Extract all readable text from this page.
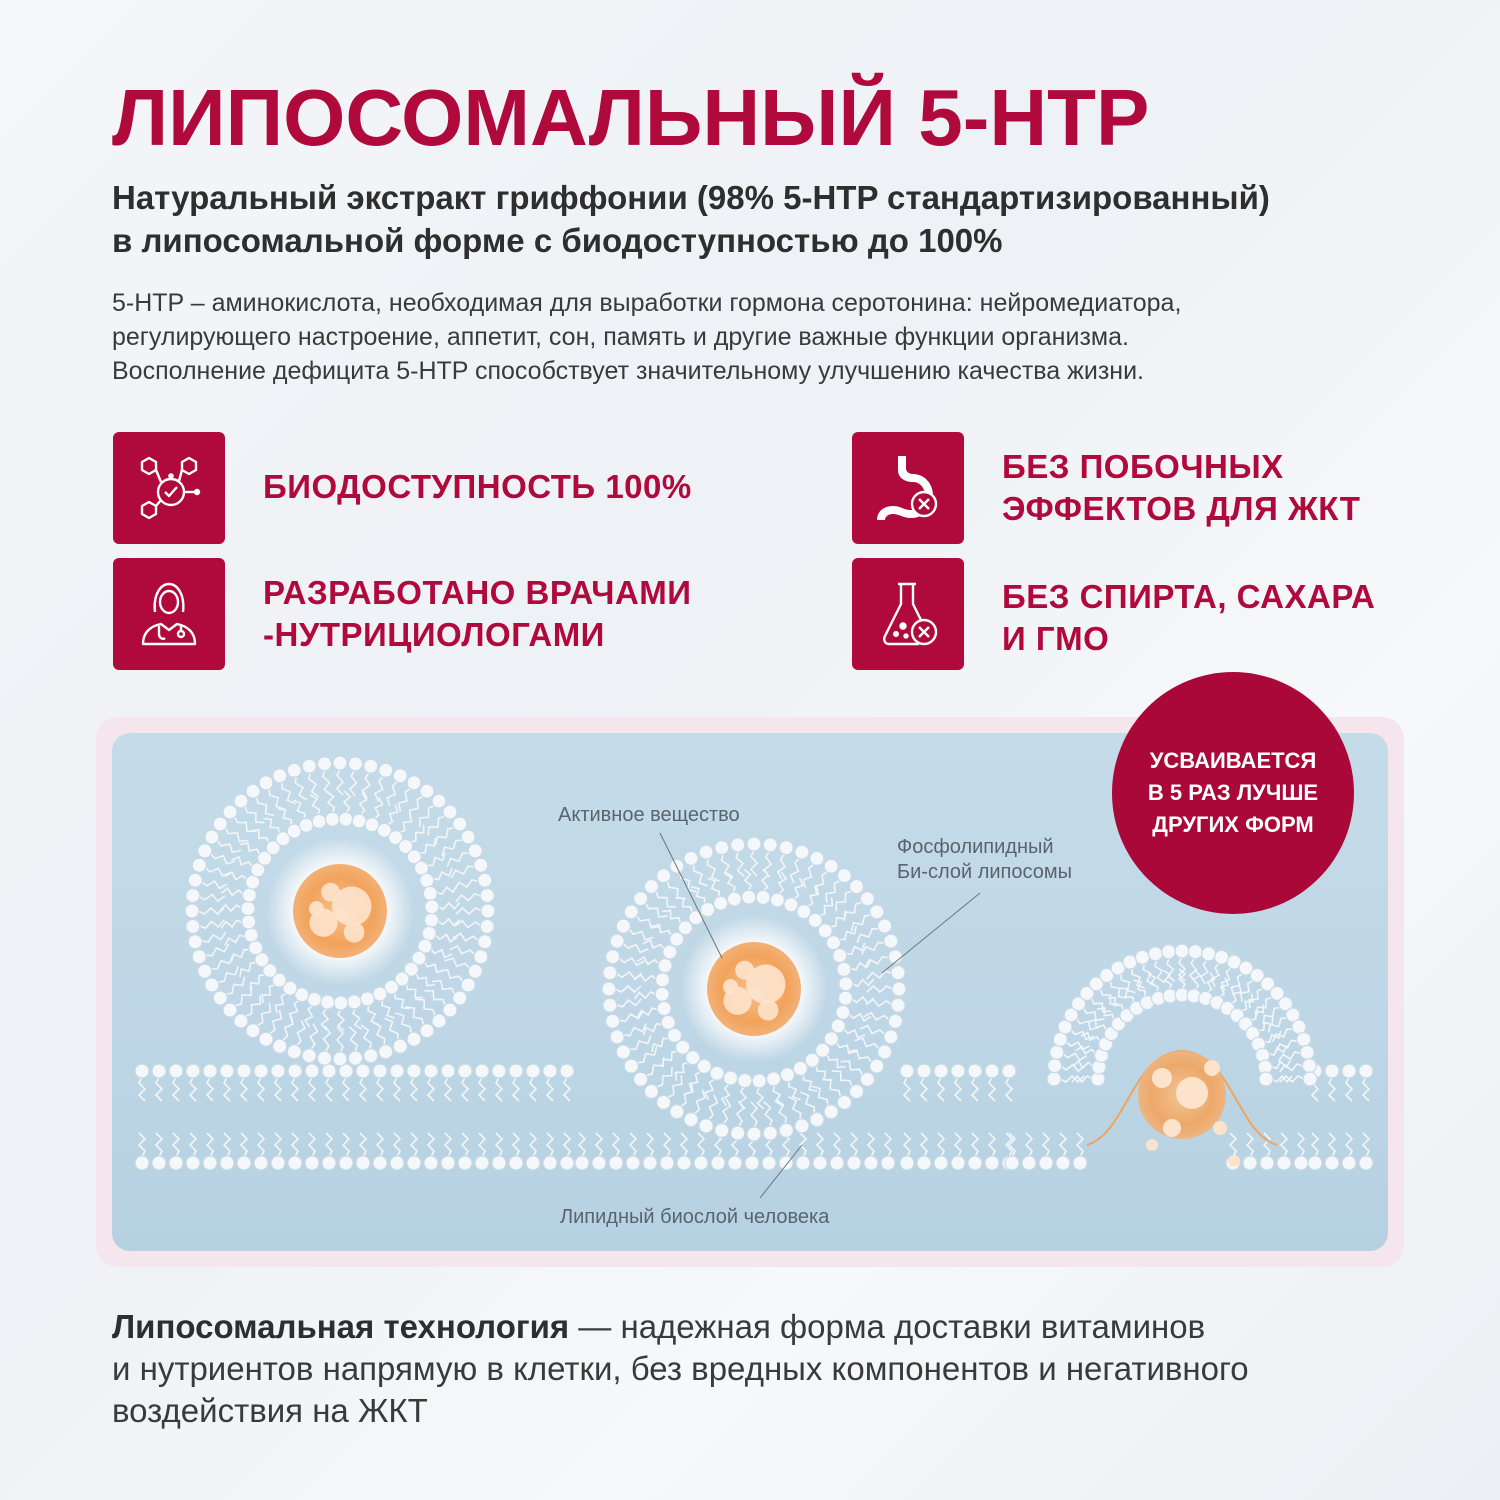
ЛИПОСОМАЛЬНЫЙ 5-HTP
Натуральный экстракт гриффонии (98% 5-HTP стандартизированный)
в липосомальной форме с биодоступностью до 100%
5-HTP – аминокислота, необходимая для выработки гормона серотонина: нейромедиатора,
регулирующего настроение, аппетит, сон, память и другие важные функции организма.
Восполнение дефицита 5-HTP способствует значительному улучшению качества жизни.
БИОДОСТУПНОСТЬ 100%
БЕЗ ПОБОЧНЫХ
ЭФФЕКТОВ ДЛЯ ЖКТ
РАЗРАБОТАНО ВРАЧАМИ
-НУТРИЦИОЛОГАМИ
БЕЗ СПИРТА, САХАРА
И ГМО
УСВАИВАЕТСЯ
В 5 РАЗ ЛУЧШЕ
ДРУГИХ ФОРМ
Активное вещество
Фосфолипидный
Би-слой липосомы
Липидный биослой человека
Липосомальная технология — надежная форма доставки витаминов
и нутриентов напрямую в клетки, без вредных компонентов и негативного
воздействия на ЖКТ
